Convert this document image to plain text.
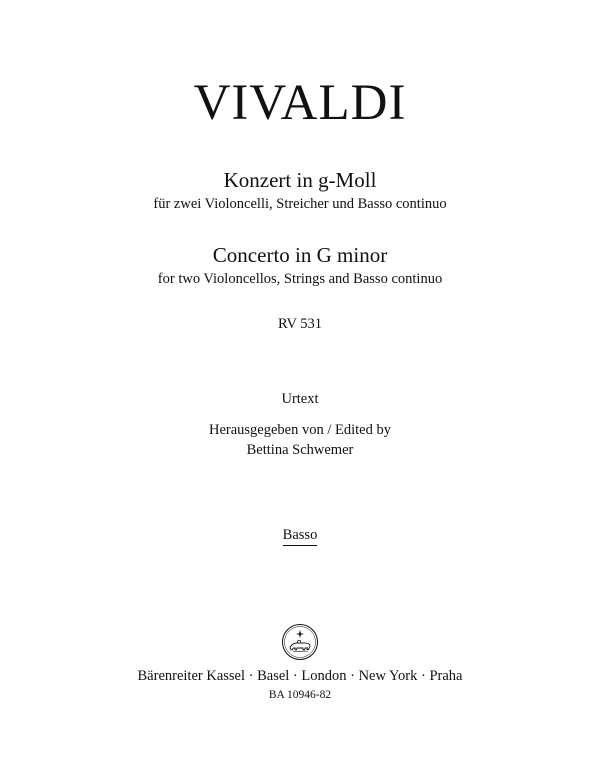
VIVALDI
Konzert in g-Moll
für zwei Violoncelli, Streicher und Basso continuo
Concerto in G minor
for two Violoncellos, Strings and Basso continuo
RV 531
Urtext
Herausgegeben von / Edited by
Bettina Schwemer
Basso
Bärenreiter Kassel · Basel · London · New York · Praha
BA 10946-82
